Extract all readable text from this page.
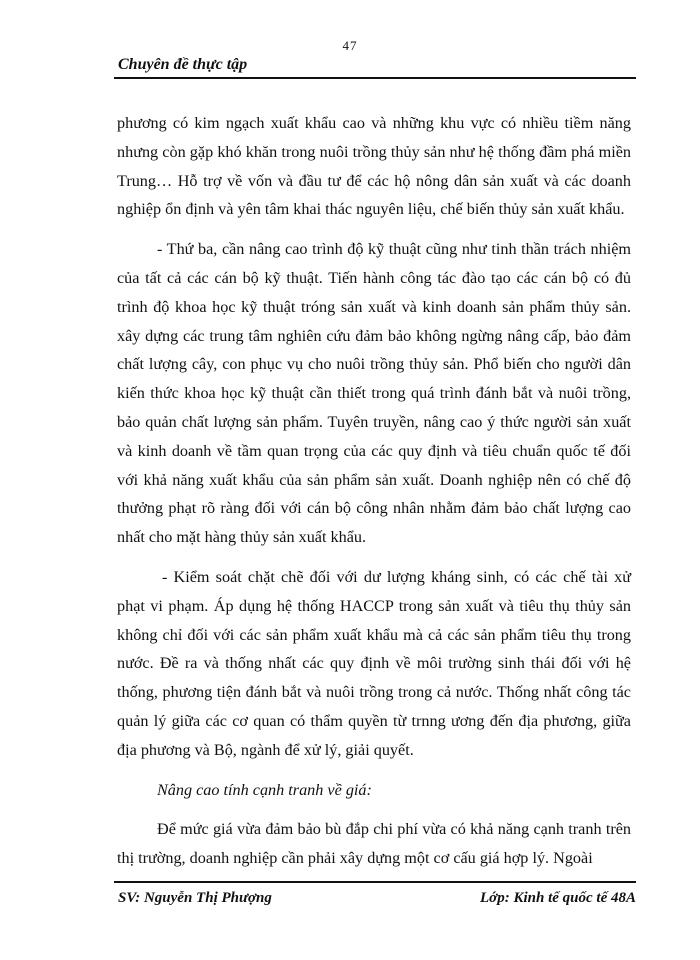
47
Chuyên đề thực tập

phương có kim ngạch xuất khẩu cao và những khu vực có nhiều tiềm năng nhưng còn gặp khó khăn trong nuôi trồng thủy sản như hệ thống đầm phá miền Trung… Hỗ trợ về vốn và đầu tư để các hộ nông dân sản xuất và các doanh nghiệp ổn định và yên tâm khai thác nguyên liệu, chế biến thủy sản xuất khẩu.

- Thứ ba, cần nâng cao trình độ kỹ thuật cũng như tinh thần trách nhiệm của tất cả các cán bộ kỹ thuật. Tiến hành công tác đào tạo các cán bộ có đủ trình độ khoa học kỹ thuật tróng sản xuất và kinh doanh sản phẩm thủy sản. xây dựng các trung tâm nghiên cứu đảm bảo không ngừng nâng cấp, bảo đảm chất lượng cây, con phục vụ cho nuôi trồng thủy sản. Phổ biến cho người dân kiến thức khoa học kỹ thuật cần thiết trong quá trình đánh bắt và nuôi trồng, bảo quản chất lượng sản phẩm. Tuyên truyền, nâng cao ý thức người sản xuất và kinh doanh về tầm quan trọng của các quy định và tiêu chuẩn quốc tế đối với khả năng xuất khẩu của sản phẩm sản xuất. Doanh nghiệp nên có chế độ thưởng phạt rõ ràng đối với cán bộ công nhân nhằm đảm bảo chất lượng cao nhất cho mặt hàng thủy sản xuất khẩu.

- Kiểm soát chặt chẽ đối với dư lượng kháng sinh, có các chế tài xử phạt vi phạm. Áp dụng hệ thống HACCP trong sản xuất và tiêu thụ thủy sản không chỉ đối với các sản phẩm xuất khẩu mà cả các sản phẩm tiêu thụ trong nước. Đề ra và thống nhất các quy định về môi trường sinh thái đối với hệ thống, phương tiện đánh bắt và nuôi trồng trong cả nước. Thống nhất công tác quản lý giữa các cơ quan có thẩm quyền từ trnng ương đến địa phương, giữa địa phương và Bộ, ngành để xử lý, giải quyết.

Nâng cao tính cạnh tranh về giá:

Để mức giá vừa đảm bảo bù đắp chi phí vừa có khả năng cạnh tranh trên thị trường, doanh nghiệp cần phải xây dựng một cơ cấu giá hợp lý. Ngoài

SV: Nguyễn Thị Phượng	Lớp: Kinh tế quốc tế 48A
